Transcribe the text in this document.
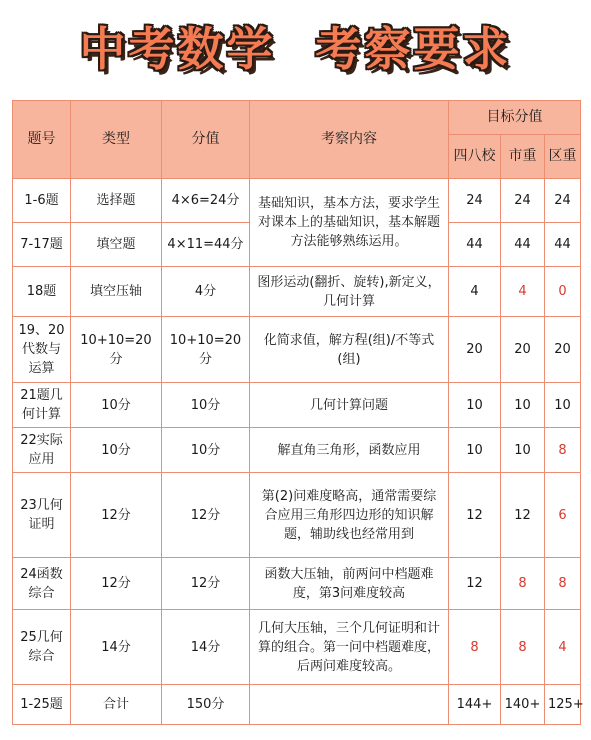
中考数学 考察要求
题号	类型	分值	考察内容	目标分值		
				四八校	市重	区重
1-6题	选择题	4×6=24分	基础知识，基本方法，要求学生对课本上的基础知识，基本解题方法能够熟练运用。	24	24	24
7-17题	填空题	4×11=44分		44	44	44
18题	填空压轴	4分	图形运动(翻折、旋转),新定义，几何计算	4	4	0
19、20代数与运算	10+10=20分	10+10=20分	化简求值，解方程(组)/不等式(组)	20	20	20
21题几何计算	10分	10分	几何计算问题	10	10	10
22实际应用	10分	10分	解直角三角形，函数应用	10	10	8
23几何证明	12分	12分	第(2)问难度略高，通常需要综合应用三角形四边形的知识解题，辅助线也经常用到	12	12	6
24函数综合	12分	12分	函数大压轴，前两问中档题难度，第3问难度较高	12	8	8
25几何综合	14分	14分	几何大压轴，三个几何证明和计算的组合。第一问中档题难度，后两问难度较高。	8	8	4
1-25题	合计	150分		144+	140+	125+
